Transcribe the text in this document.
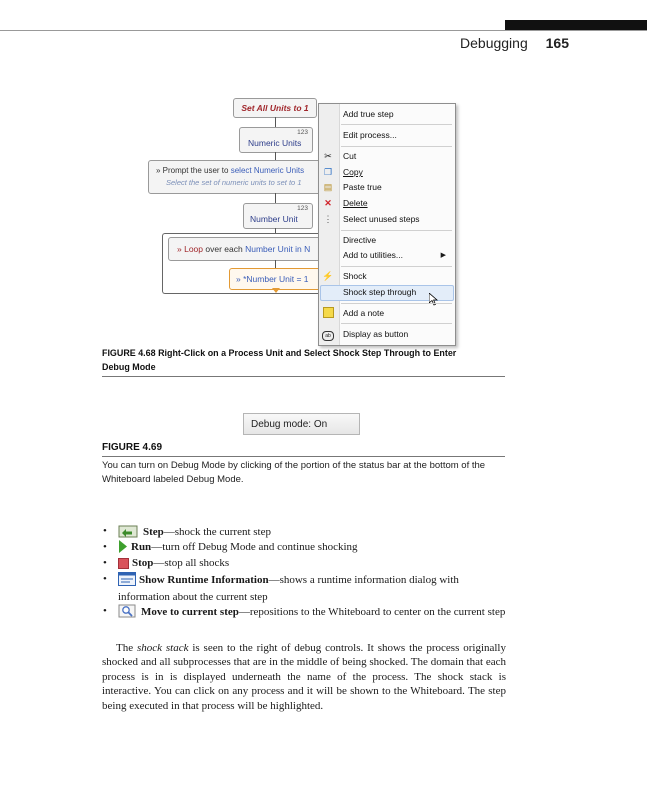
Debugging 165
Set All Units to 1
123
Numeric Units
» Prompt the user to select Numeric Units
Select the set of numeric units to set to 1
123
Number Unit
» Loop over each Number Unit in N
» *Number Unit = 1
Add true step
Edit process...
✂ Cut
❐ Copy
▤ Paste true
✕ Delete
⋮ Select unused steps
Directive
Add to utilities...	▶
⚡ Shock
Shock step through
Add a note
ab	Display as button
FIGURE 4.68 Right-Click on a Process Unit and Select Shock Step Through to Enter Debug Mode
Debug mode: On
FIGURE 4.69
You can turn on Debug Mode by clicking of the portion of the status bar at the bottom of the Whiteboard labeled Debug Mode.
•	Step—shock the current step
•	Run—turn off Debug Mode and continue shocking
•	Stop—stop all shocks
•	Show Runtime Information—shows a runtime information dialog with information about the current step
•	Move to current step—repositions to the Whiteboard to center on the current step
The shock stack is seen to the right of debug controls. It shows the process originally shocked and all subprocesses that are in the middle of being shocked. The domain that each process is in is displayed underneath the name of the process. The shock stack is interactive. You can click on any process and it will be shown to the Whiteboard. The step being executed in that process will be highlighted.
